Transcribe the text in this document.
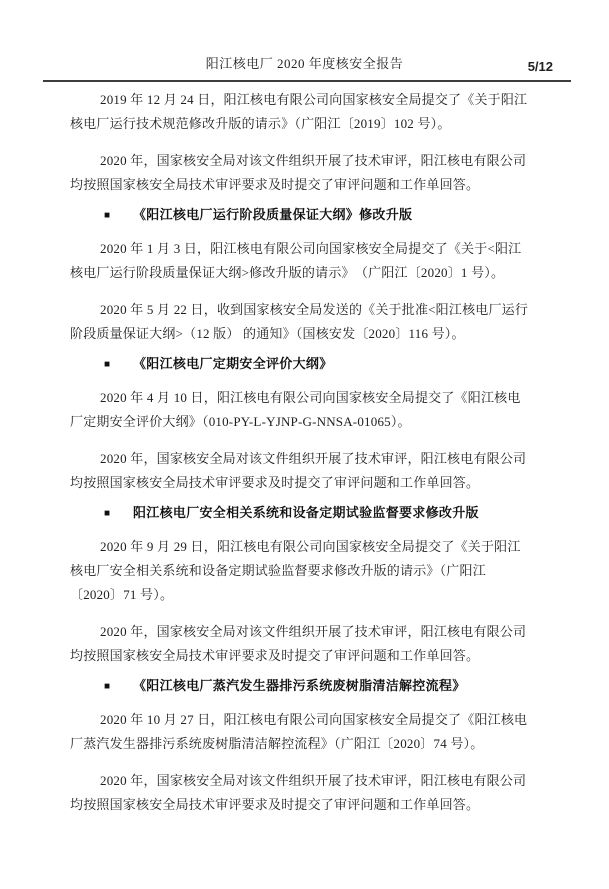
阳江核电厂 2020 年度核安全报告	5/12
2019 年 12 月 24 日，阳江核电有限公司向国家核安全局提交了《关于阳江
核电厂运行技术规范修改升版的请示》（广阳江〔2019〕102 号）。
2020 年，国家核安全局对该文件组织开展了技术审评，阳江核电有限公司
均按照国家核安全局技术审评要求及时提交了审评问题和工作单回答。
■ 《阳江核电厂运行阶段质量保证大纲》修改升版
2020 年 1 月 3 日，阳江核电有限公司向国家核安全局提交了《关于<阳江
核电厂运行阶段质量保证大纲>修改升版的请示》　（广阳江〔2020〕1 号）。
2020 年 5 月 22 日，收到国家核安全局发送的《关于批准<阳江核电厂运行
阶段质量保证大纲>（12 版） 的通知》（国核安发〔2020〕116 号）。
■ 《阳江核电厂定期安全评价大纲》
2020 年 4 月 10 日，阳江核电有限公司向国家核安全局提交了《阳江核电
厂定期安全评价大纲》（010-PY-L-YJNP-G-NNSA-01065）。
2020 年，国家核安全局对该文件组织开展了技术审评，阳江核电有限公司
均按照国家核安全局技术审评要求及时提交了审评问题和工作单回答。
■ 阳江核电厂安全相关系统和设备定期试验监督要求修改升版
2020 年 9 月 29 日，阳江核电有限公司向国家核安全局提交了《关于阳江
核电厂安全相关系统和设备定期试验监督要求修改升版的请示》（广阳江
〔2020〕71 号）。
2020 年，国家核安全局对该文件组织开展了技术审评，阳江核电有限公司
均按照国家核安全局技术审评要求及时提交了审评问题和工作单回答。
■ 《阳江核电厂蒸汽发生器排污系统废树脂清洁解控流程》
2020 年 10 月 27 日，阳江核电有限公司向国家核安全局提交了《阳江核电
厂蒸汽发生器排污系统废树脂清洁解控流程》（广阳江〔2020〕74 号）。
2020 年，国家核安全局对该文件组织开展了技术审评，阳江核电有限公司
均按照国家核安全局技术审评要求及时提交了审评问题和工作单回答。
